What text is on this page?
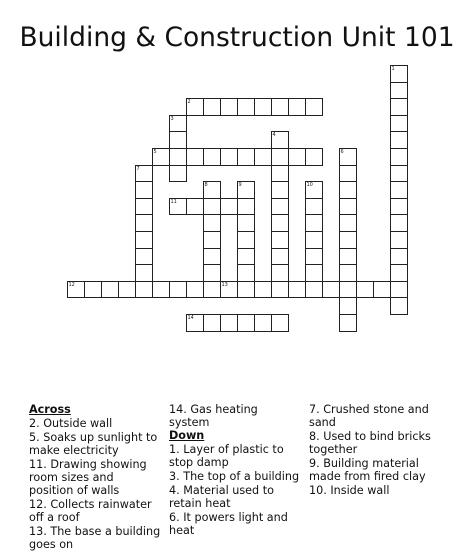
Building & Construction Unit 101
2
5
11
12	13
14
1
3
4
6
7
8	9	10
Across
2. Outside wall
5. Soaks up sunlight to make electricity
11. Drawing showing room sizes and position of walls
12. Collects rainwater off a roof
13. The base a building goes on
14. Gas heating system
Down
1. Layer of plastic to stop damp
3. The top of a building
4. Material used to retain heat
6. It powers light and heat
7. Crushed stone and sand
8. Used to bind bricks together
9. Building material made from fired clay
10. Inside wall
